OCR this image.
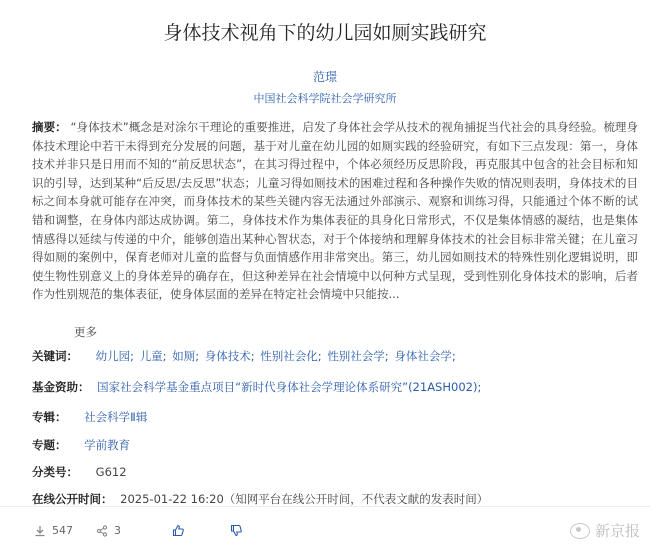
身体技术视角下的幼儿园如厕实践研究
范璟
中国社会科学院社会学研究所
摘要： “身体技术”概念是对涂尔干理论的重要推进，启发了身体社会学从技术的视角捕捉当代社会的具身经验。梳理身体技术理论中若干未得到充分发展的问题，基于对儿童在幼儿园的如厕实践的经验研究，有如下三点发现：第一，身体技术并非只是日用而不知的“前反思状态”，在其习得过程中，个体必须经历反思阶段，再克服其中包含的社会目标和知识的引导，达到某种“后反思/去反思”状态；儿童习得如厕技术的困难过程和各种操作失败的情况则表明，身体技术的目标之间本身就可能存在冲突，而身体技术的某些关键内容无法通过外部演示、观察和训练习得，只能通过个体不断的试错和调整，在身体内部达成协调。第二，身体技术作为集体表征的具身化日常形式，不仅是集体情感的凝结，也是集体情感得以延续与传递的中介，能够创造出某种心智状态，对于个体接纳和理解身体技术的社会目标非常关键；在儿童习得如厕的案例中，保育老师对儿童的监督与负面情感作用非常突出。第三，幼儿园如厕技术的特殊性别化逻辑说明，即使生物性别意义上的身体差异的确存在，但这种差异在社会情境中以何种方式呈现，受到性别化身体技术的影响，后者作为性别规范的集体表征，使身体层面的差异在特定社会情境中只能按...
更多
关键词： 幼儿园; 儿童; 如厕; 身体技术; 性别社会化; 性别社会学; 身体社会学;
基金资助： 国家社会科学基金重点项目“新时代身体社会学理论体系研究”(21ASH002);
专辑： 社会科学Ⅱ辑
专题： 学前教育
分类号： G612
在线公开时间： 2025-01-22 16:20（知网平台在线公开时间，不代表文献的发表时间）
547	3	新京报
